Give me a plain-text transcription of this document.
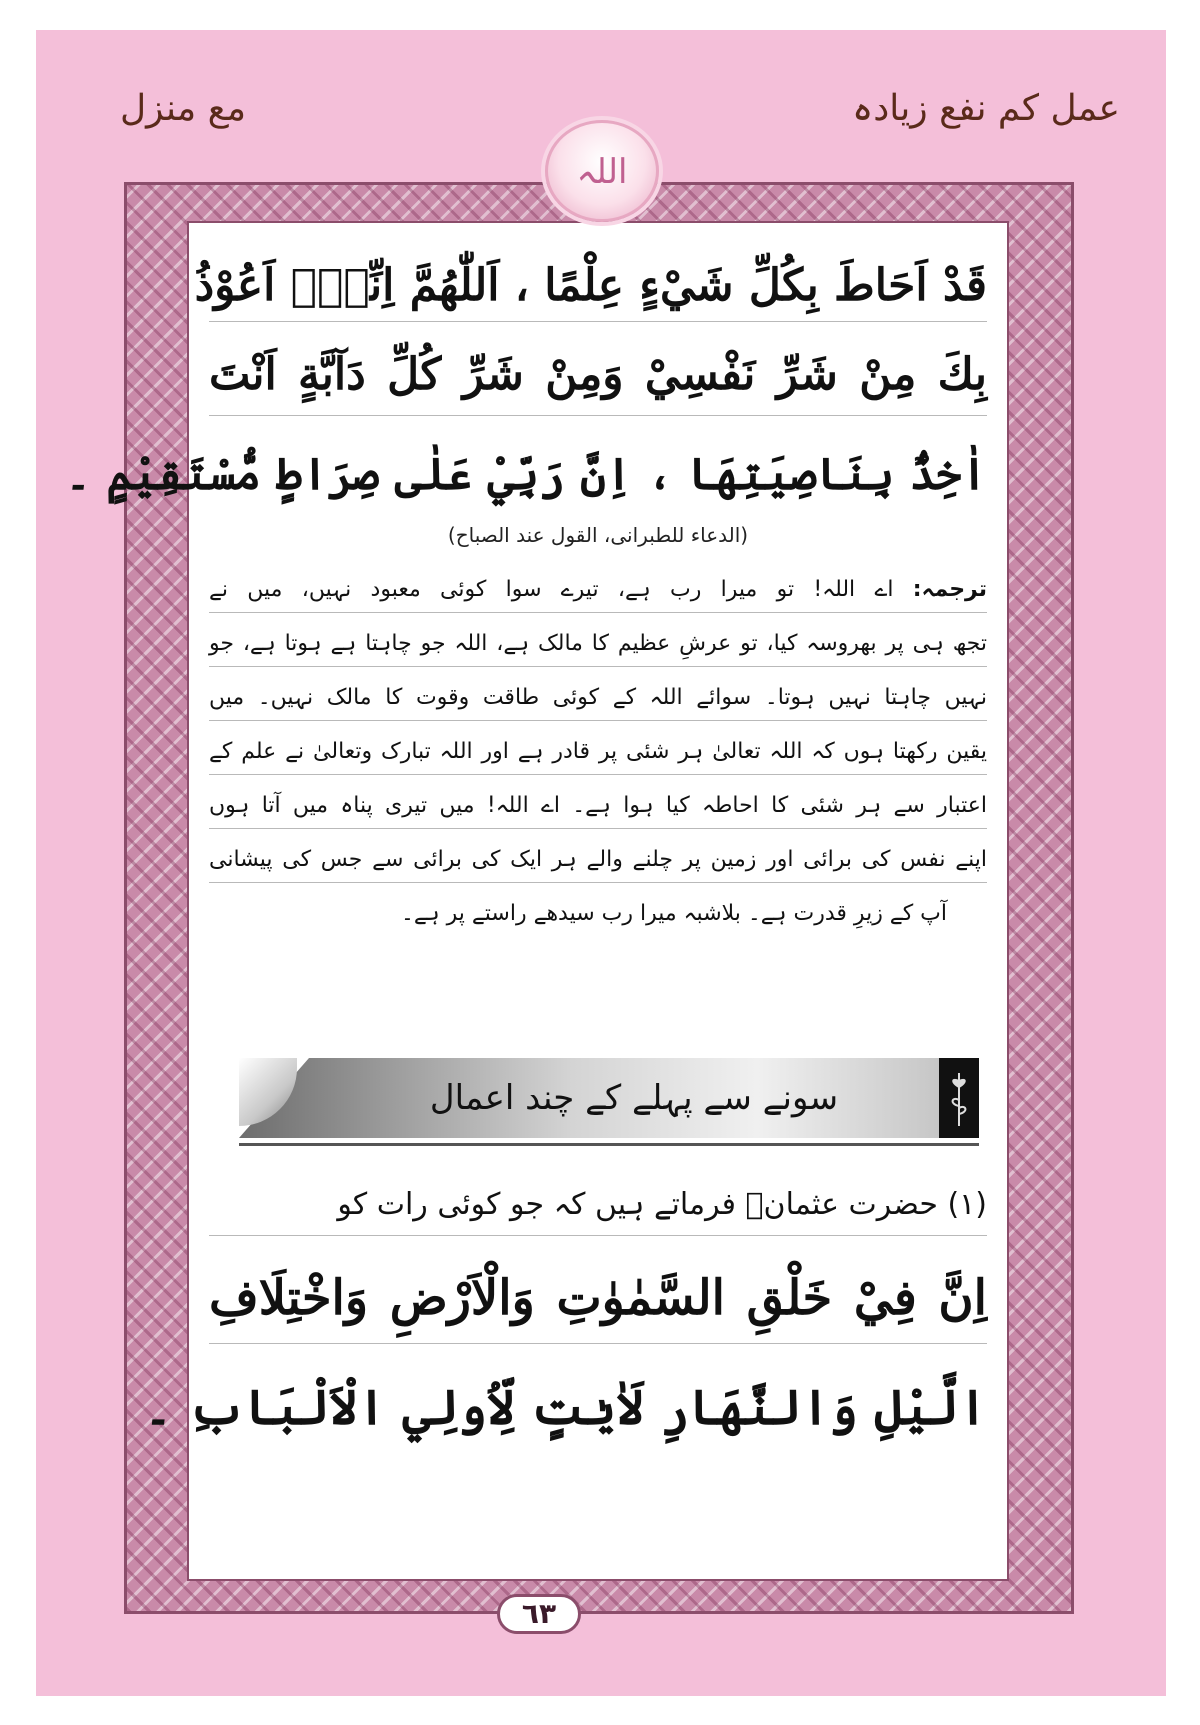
مع منزل	عمل کم نفع زیادہ
اللہ
قَدْ اَحَاطَ بِكُلِّ شَيْءٍ عِلْمًا ، اَللّٰهُمَّ اِنِّيْۤ اَعُوْذُ
بِكَ مِنْ شَرِّ نَفْسِيْ وَمِنْ شَرِّ كُلِّ دَآبَّةٍ اَنْتَ
اٰخِذٌۢ بِنَاصِيَتِهَا ، اِنَّ رَبِّيْ عَلٰى صِرَاطٍ مُّسْتَقِيْمٍ ۔
(الدعاء للطبرانی، القول عند الصباح)
ترجمہ: اے اللہ! تو میرا رب ہے، تیرے سوا کوئی معبود نہیں، میں نے
تجھ ہی پر بھروسہ کیا، تو عرشِ عظیم کا مالک ہے، اللہ جو چاہتا ہے ہوتا ہے، جو
نہیں چاہتا نہیں ہوتا۔ سوائے اللہ کے کوئی طاقت وقوت کا مالک نہیں۔ میں
یقین رکھتا ہوں کہ اللہ تعالیٰ ہر شئی پر قادر ہے اور اللہ تبارک وتعالیٰ نے علم کے
اعتبار سے ہر شئی کا احاطہ کیا ہوا ہے۔ اے اللہ! میں تیری پناہ میں آتا ہوں
اپنے نفس کی برائی اور زمین پر چلنے والے ہر ایک کی برائی سے جس کی پیشانی
آپ کے زیرِ قدرت ہے۔ بلاشبہ میرا رب سیدھے راستے پر ہے۔
سونے سے پہلے کے چند اعمال
(۱) حضرت عثمانؓ فرماتے ہیں کہ جو کوئی رات کو
اِنَّ فِيْ خَلْقِ السَّمٰوٰتِ وَالْاَرْضِ وَاخْتِلَافِ
الَّيْلِ وَالنَّهَارِ لَاٰيٰتٍ لِّاُولِي الْاَلْبَابِ ۔
٦٣
